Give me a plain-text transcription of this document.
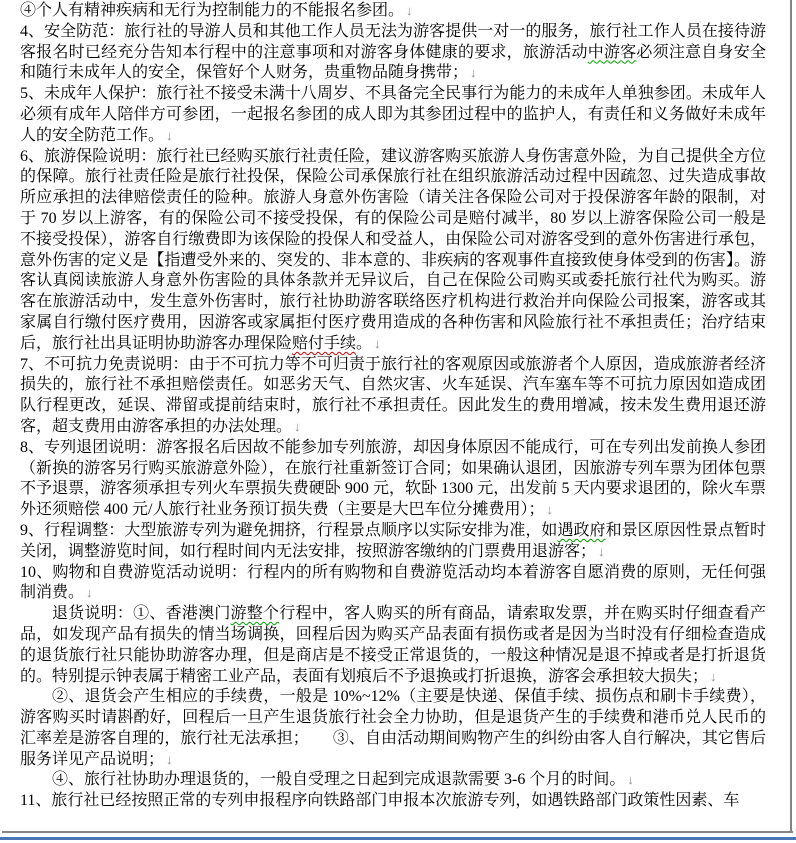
④个人有精神疾病和无行为控制能力的不能报名参团。 ↓
4、安全防范：旅行社的导游人员和其他工作人员无法为游客提供一对一的服务，旅行社工作人员在接待游客报名时已经充分告知本行程中的注意事项和对游客身体健康的要求，旅游活动中游客必须注意自身安全和随行未成年人的安全，保管好个人财务，贵重物品随身携带； ↓
5、未成年人保护：旅行社不接受未满十八周岁、不具备完全民事行为能力的未成年人单独参团。未成年人必须有成年人陪伴方可参团，一起报名参团的成人即为其参团过程中的监护人，有责任和义务做好未成年人的安全防范工作。 ↓
6、旅游保险说明：旅行社已经购买旅行社责任险，建议游客购买旅游人身伤害意外险，为自己提供全方位的保障。旅行社责任险是旅行社投保，保险公司承保旅行社在组织旅游活动过程中因疏忽、过失造成事故所应承担的法律赔偿责任的险种。旅游人身意外伤害险（请关注各保险公司对于投保游客年龄的限制，对于 70 岁以上游客，有的保险公司不接受投保，有的保险公司是赔付减半，80 岁以上游客保险公司一般是不接受投保），游客自行缴费即为该保险的投保人和受益人，由保险公司对游客受到的意外伤害进行承包，意外伤害的定义是【指遭受外来的、突发的、非本意的、非疾病的客观事件直接致使身体受到的伤害】。游客认真阅读旅游人身意外伤害险的具体条款并无异议后，自己在保险公司购买或委托旅行社代为购买。游客在旅游活动中，发生意外伤害时，旅行社协助游客联络医疗机构进行救治并向保险公司报案，游客或其家属自行缴付医疗费用，因游客或家属拒付医疗费用造成的各种伤害和风险旅行社不承担责任；治疗结束后，旅行社出具证明协助游客办理保险赔付手续。 ↓
7、不可抗力免责说明：由于不可抗力等不可归责于旅行社的客观原因或旅游者个人原因，造成旅游者经济损失的，旅行社不承担赔偿责任。如恶劣天气、自然灾害、火车延误、汽车塞车等不可抗力原因如造成团队行程更改，延误、滞留或提前结束时，旅行社不承担责任。因此发生的费用增减，按未发生费用退还游客，超支费用由游客承担的办法处理。 ↓
8、专列退团说明：游客报名后因故不能参加专列旅游，却因身体原因不能成行，可在专列出发前换人参团（新换的游客另行购买旅游意外险），在旅行社重新签订合同；如果确认退团，因旅游专列车票为团体包票不予退票，游客须承担专列火车票损失费硬卧 900 元，软卧 1300 元，出发前 5 天内要求退团的，除火车票外还须赔偿 400 元/人旅行社业务预订损失费（主要是大巴车位分摊费用）； ↓
9、行程调整：大型旅游专列为避免拥挤，行程景点顺序以实际安排为准，如遇政府和景区原因性景点暂时关闭，调整游览时间，如行程时间内无法安排，按照游客缴纳的门票费用退游客； ↓
10、购物和自费游览活动说明：行程内的所有购物和自费游览活动均本着游客自愿消费的原则，无任何强制消费。 ↓
退货说明：①、香港澳门游整个行程中，客人购买的所有商品，请索取发票，并在购买时仔细查看产品，如发现产品有损失的情当场调换，回程后因为购买产品表面有损伤或者是因为当时没有仔细检查造成的退货旅行社只能协助游客办理，但是商店是不接受正常退货的，一般这种情况是退不掉或者是打折退货的。特别提示钟表属于精密工业产品，表面有划痕后不予退换或打折退换，游客会承担较大损失； ↓
②、退货会产生相应的手续费，一般是 10%~12%（主要是快递、保值手续、损伤点和刷卡手续费），游客购买时请斟酌好，回程后一旦产生退货旅行社会全力协助，但是退货产生的手续费和港币兑人民币的汇率差是游客自理的，旅行社无法承担；　　③、自由活动期间购物产生的纠纷由客人自行解决，其它售后服务详见产品说明； ↓
④、旅行社协助办理退货的，一般自受理之日起到完成退款需要 3-6 个月的时间。 ↓
11、旅行社已经按照正常的专列申报程序向铁路部门申报本次旅游专列，如遇铁路部门政策性因素、车
